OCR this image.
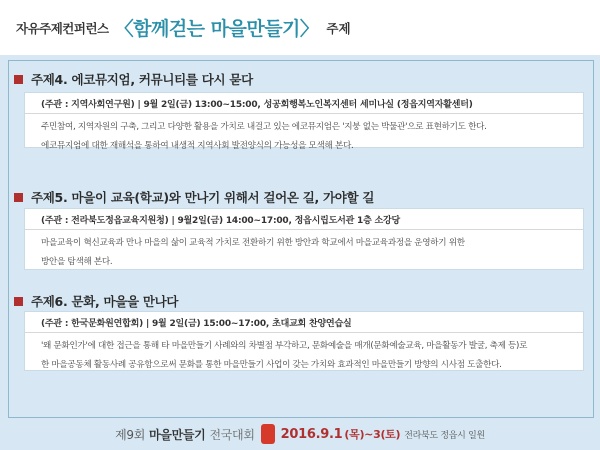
자유주제컨퍼런스 〈함께걷는 마을만들기〉 주제
주제4. 에코뮤지엄, 커뮤니티를 다시 묻다
(주관 : 지역사회연구원) | 9월 2일(금) 13:00~15:00, 성공회행복노인복지센터 세미나실 (정읍지역자활센터)
주민참여, 지역자원의 구축, 그리고 다양한 활용을 가치로 내걸고 있는 에코뮤지엄은 '지붕 없는 박물관'으로 표현하기도 한다.
에코뮤지엄에 대한 재해석을 통하여 내생적 지역사회 발전양식의 가능성을 모색해 본다.
주제5. 마을이 교육(학교)와 만나기 위해서 걸어온 길, 가야할 길
(주관 : 전라북도정읍교육지원청) | 9월2일(금) 14:00~17:00, 정읍시립도서관 1층 소강당
마을교육이 혁신교육과 만나 마을의 삶이 교육적 가치로 전환하기 위한 방안과 학교에서 마을교육과정을 운영하기 위한
방안을 탐색해 본다.
주제6. 문화, 마을을 만나다
(주관 : 한국문화원연합회) | 9월 2일(금) 15:00~17:00, 초대교회 찬양연습실
'왜 문화인가'에 대한 접근을 통해 타 마을만들기 사례와의 차별점 부각하고, 문화예술을 매개(문화예술교육, 마을활동가 발굴, 축제 등)로
한 마을공동체 활동사례 공유함으로써 문화를 통한 마을만들기 사업이 갖는 가치와 효과적인 마을만들기 방향의 시사점 도출한다.
제9회 마을만들기 전국대회 2016.9.1 (목)~3(토) 전라북도 정읍시 일원
